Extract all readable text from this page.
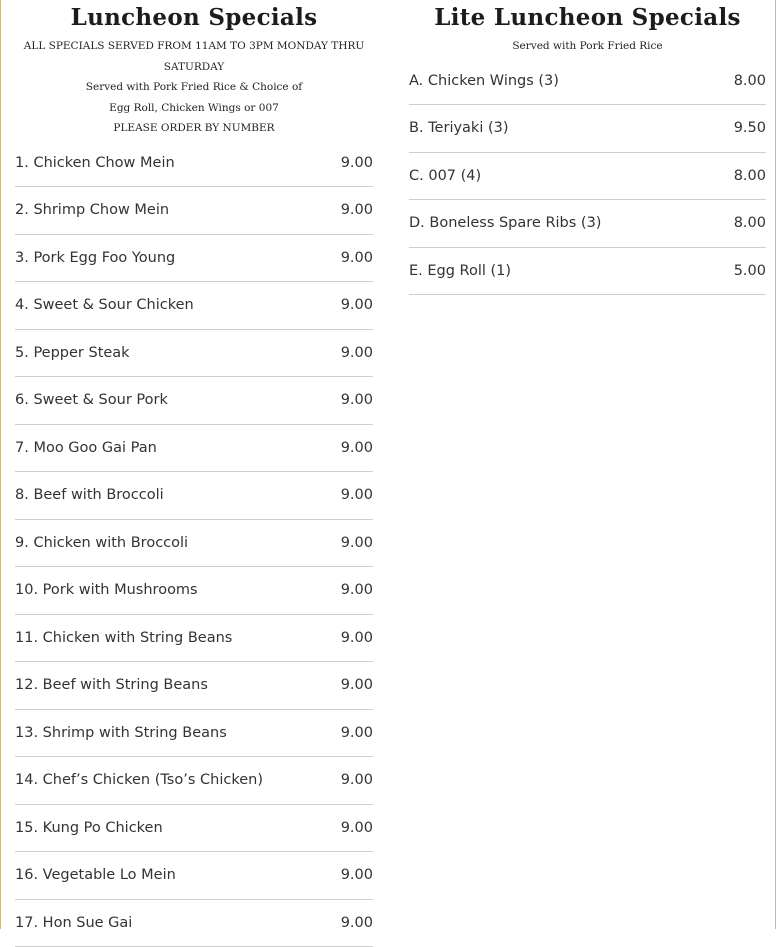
Luncheon Specials

ALL SPECIALS SERVED FROM 11AM TO 3PM MONDAY THRU SATURDAY

Served with Pork Fried Rice & Choice of

Egg Roll, Chicken Wings or 007

PLEASE ORDER BY NUMBER

1. Chicken Chow Mein	9.00
2. Shrimp Chow Mein	9.00
3. Pork Egg Foo Young	9.00
4. Sweet & Sour Chicken	9.00
5. Pepper Steak	9.00
6. Sweet & Sour Pork	9.00
7. Moo Goo Gai Pan	9.00
8. Beef with Broccoli	9.00
9. Chicken with Broccoli	9.00
10. Pork with Mushrooms	9.00
11. Chicken with String Beans	9.00
12. Beef with String Beans	9.00
13. Shrimp with String Beans	9.00
14. Chef’s Chicken (Tso’s Chicken)	9.00
15. Kung Po Chicken	9.00
16. Vegetable Lo Mein	9.00
17. Hon Sue Gai	9.00
Lite Luncheon Specials

Served with Pork Fried Rice

A. Chicken Wings (3)	8.00
B. Teriyaki (3)	9.50
C. 007 (4)	8.00
D. Boneless Spare Ribs (3)	8.00
E. Egg Roll (1)	5.00
